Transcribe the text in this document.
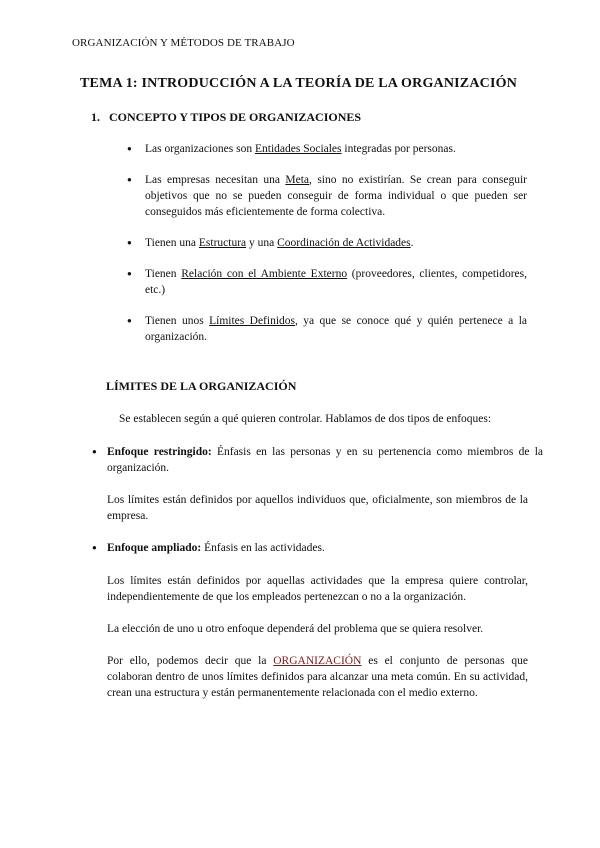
ORGANIZACIÓN Y MÉTODOS DE TRABAJO
TEMA 1: INTRODUCCIÓN A LA TEORÍA DE LA ORGANIZACIÓN
1. CONCEPTO Y TIPOS DE ORGANIZACIONES
● Las organizaciones son Entidades Sociales integradas por personas.
● Las empresas necesitan una Meta, sino no existirían. Se crean para conseguir objetivos que no se pueden conseguir de forma individual o que pueden ser conseguidos más eficientemente de forma colectiva.
● Tienen una Estructura y una Coordinación de Actividades.
● Tienen Relación con el Ambiente Externo (proveedores, clientes, competidores, etc.)
● Tienen unos Límites Definidos, ya que se conoce qué y quién pertenece a la organización.
LÍMITES DE LA ORGANIZACIÓN

Se establecen según a qué quieren controlar. Hablamos de dos tipos de enfoques:

● Enfoque restringido: Énfasis en las personas y en su pertenencia como miembros de la organización.

Los límites están definidos por aquellos individuos que, oficialmente, son miembros de la empresa.

● Enfoque ampliado: Énfasis en las actividades.

Los límites están definidos por aquellas actividades que la empresa quiere controlar, independientemente de que los empleados pertenezcan o no a la organización.

La elección de uno u otro enfoque dependerá del problema que se quiera resolver.

Por ello, podemos decir que la ORGANIZACIÓN es el conjunto de personas que colaboran dentro de unos límites definidos para alcanzar una meta común. En su actividad, crean una estructura y están permanentemente relacionada con el medio externo.
